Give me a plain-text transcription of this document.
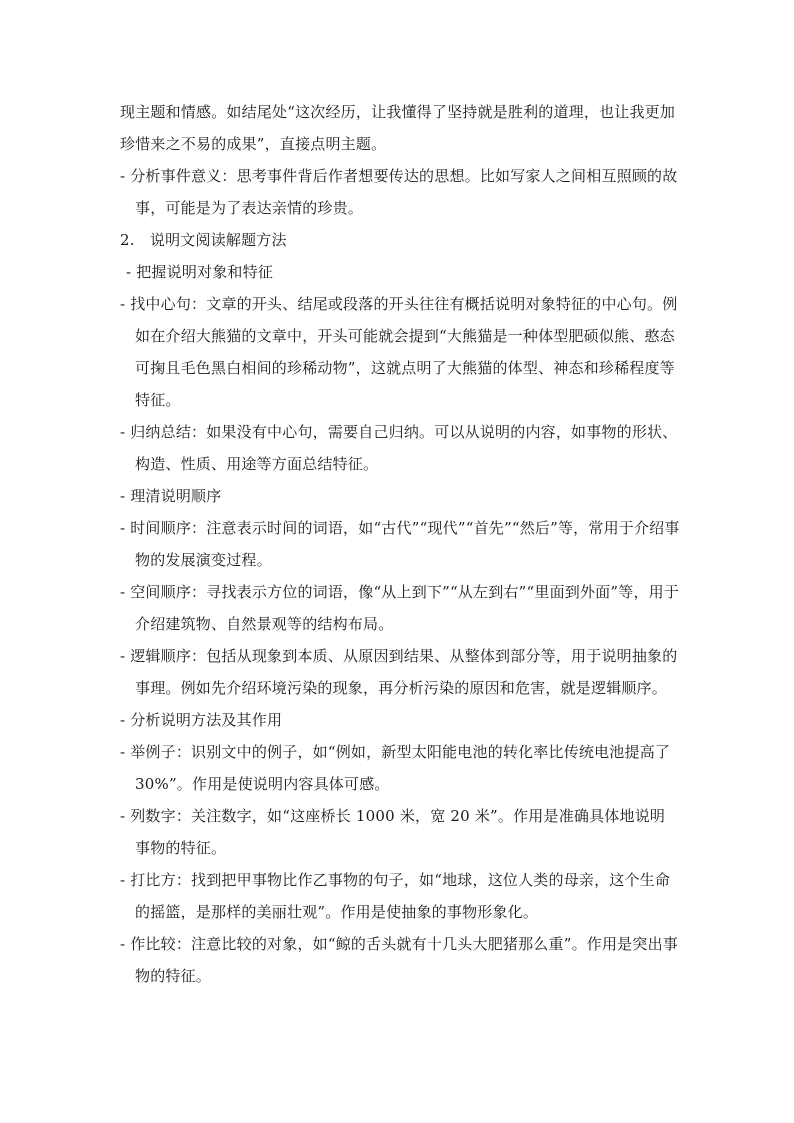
现主题和情感。如结尾处“这次经历，让我懂得了坚持就是胜利的道理，也让我更加珍惜来之不易的成果”，直接点明主题。

- 分析事件意义：思考事件背后作者想要传达的思想。比如写家人之间相互照顾的故事，可能是为了表达亲情的珍贵。

2.　说明文阅读解题方法

- 把握说明对象和特征

- 找中心句：文章的开头、结尾或段落的开头往往有概括说明对象特征的中心句。例如在介绍大熊猫的文章中，开头可能就会提到“大熊猫是一种体型肥硕似熊、憨态可掬且毛色黑白相间的珍稀动物”，这就点明了大熊猫的体型、神态和珍稀程度等特征。

- 归纳总结：如果没有中心句，需要自己归纳。可以从说明的内容，如事物的形状、构造、性质、用途等方面总结特征。

- 理清说明顺序

- 时间顺序：注意表示时间的词语，如“古代”“现代”“首先”“然后”等，常用于介绍事物的发展演变过程。

- 空间顺序：寻找表示方位的词语，像“从上到下”“从左到右”“里面到外面”等，用于介绍建筑物、自然景观等的结构布局。

- 逻辑顺序：包括从现象到本质、从原因到结果、从整体到部分等，用于说明抽象的事理。例如先介绍环境污染的现象，再分析污染的原因和危害，就是逻辑顺序。

- 分析说明方法及其作用

- 举例子：识别文中的例子，如“例如，新型太阳能电池的转化率比传统电池提高了 30%”。作用是使说明内容具体可感。

- 列数字：关注数字，如“这座桥长 1000 米，宽 20 米”。作用是准确具体地说明事物的特征。

- 打比方：找到把甲事物比作乙事物的句子，如“地球，这位人类的母亲，这个生命的摇篮，是那样的美丽壮观”。作用是使抽象的事物形象化。

- 作比较：注意比较的对象，如“鲸的舌头就有十几头大肥猪那么重”。作用是突出事物的特征。
